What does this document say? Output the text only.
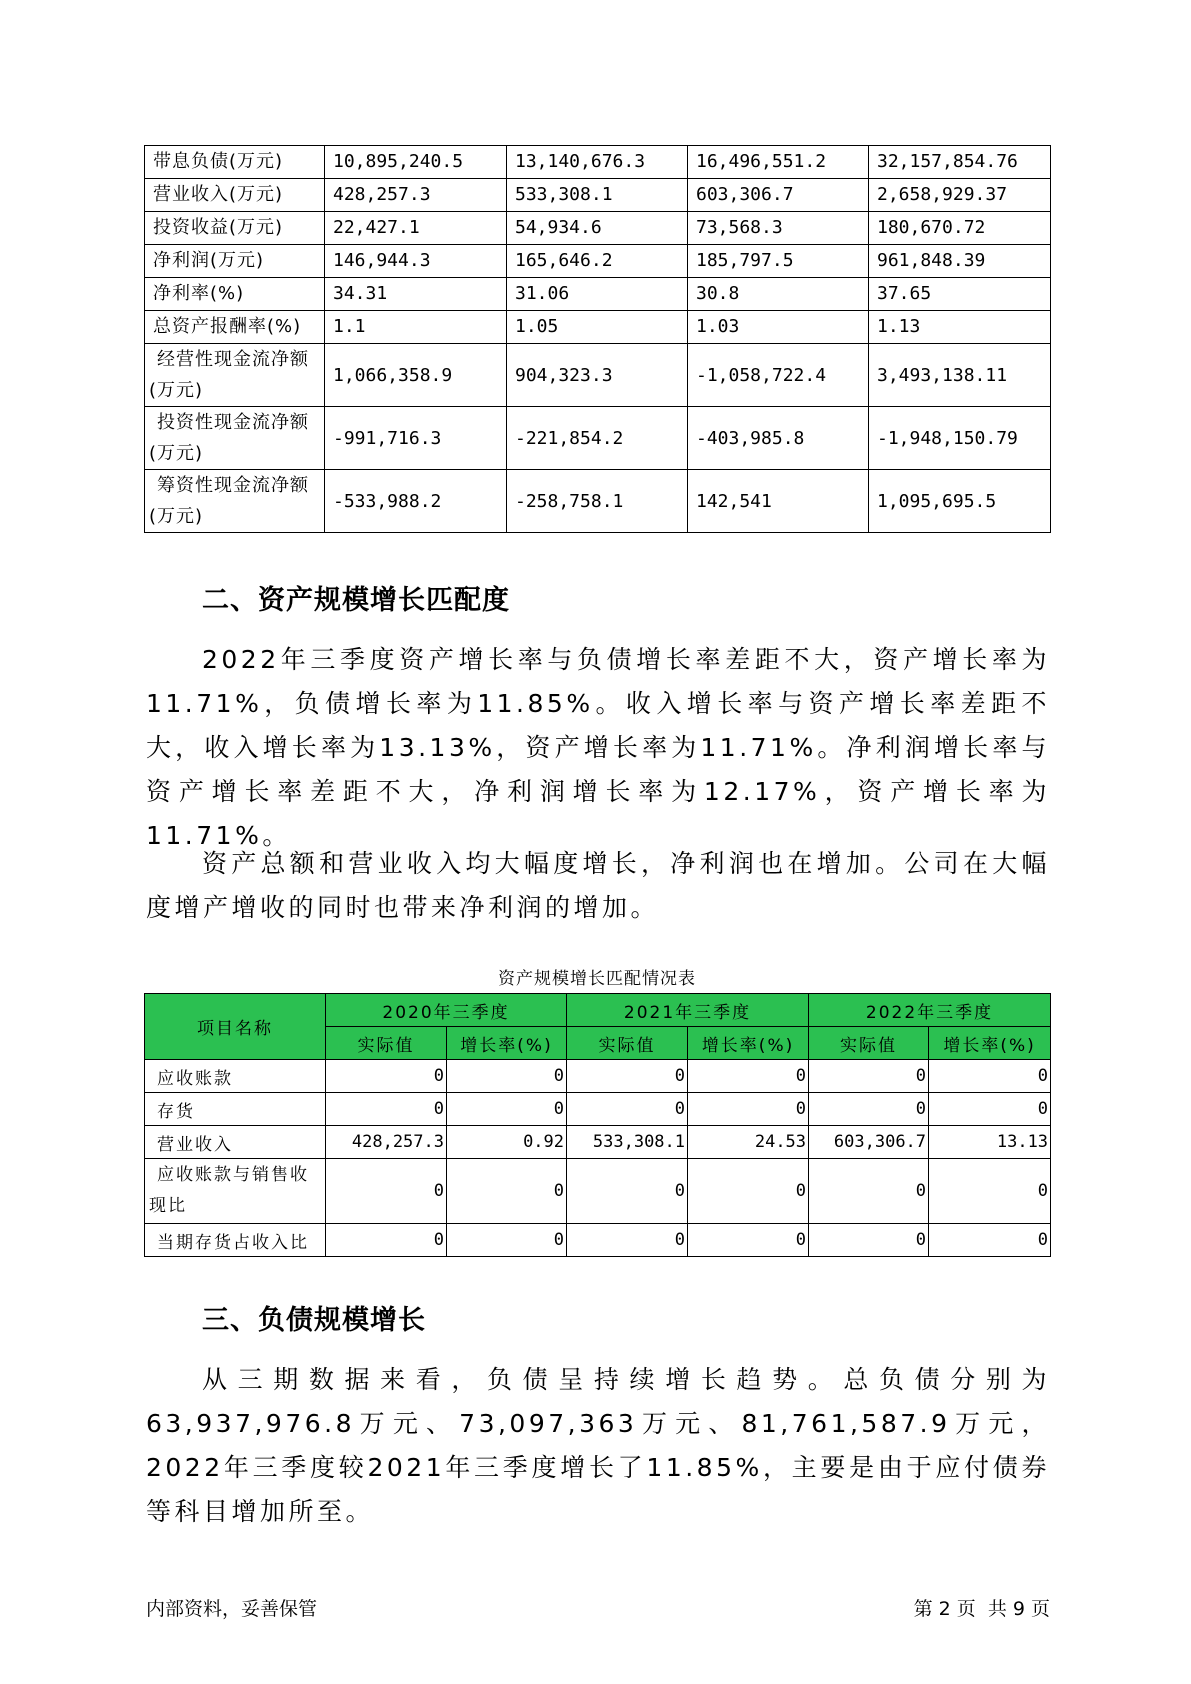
带息负债(万元)	10,895,240.5	13,140,676.3	16,496,551.2	32,157,854.76
营业收入(万元)	428,257.3	533,308.1	603,306.7	2,658,929.37
投资收益(万元)	22,427.1	54,934.6	73,568.3	180,670.72
净利润(万元)	146,944.3	165,646.2	185,797.5	961,848.39
净利率(%)	34.31	31.06	30.8	37.65
总资产报酬率(%)	1.1	1.05	1.03	1.13

经营性现金流净额
(万元)	1,066,358.9	904,323.3	-1,058,722.4	3,493,138.11

投资性现金流净额
(万元)	-991,716.3	-221,854.2	-403,985.8	-1,948,150.79

筹资性现金流净额
(万元)	-533,988.2	-258,758.1	142,541	1,095,695.5
二、资产规模增长匹配度

2022年三季度资产增长率与负债增长率差距不大，资产增长率为11.71%，负债增长率为11.85%。收入增长率与资产增长率差距不大，收入增长率为13.13%，资产增长率为11.71%。净利润增长率与资产增长率差距不大，净利润增长率为12.17%，资产增长率为11.71%。

资产总额和营业收入均大幅度增长，净利润也在增加。公司在大幅度增产增收的同时也带来净利润的增加。

资产规模增长匹配情况表
项目名称	2020年三季度		2021年三季度		2022年三季度	
	实际值	增长率(%)	实际值	增长率(%)	实际值	增长率(%)
应收账款	0	0	0	0	0	0
存货	0	0	0	0	0	0
营业收入	428,257.3	0.92	533,308.1	24.53	603,306.7	13.13

应收账款与销售收
现比	0	0	0	0	0	0
当期存货占收入比	0	0	0	0	0	0
三、负债规模增长

从三期数据来看，负债呈持续增长趋势。总负债分别为63,937,976.8万元、73,097,363万元、81,761,587.9万元，2022年三季度较2021年三季度增长了11.85%，主要是由于应付债券等科目增加所至。

内部资料，妥善保管	第 2 页  共 9 页
